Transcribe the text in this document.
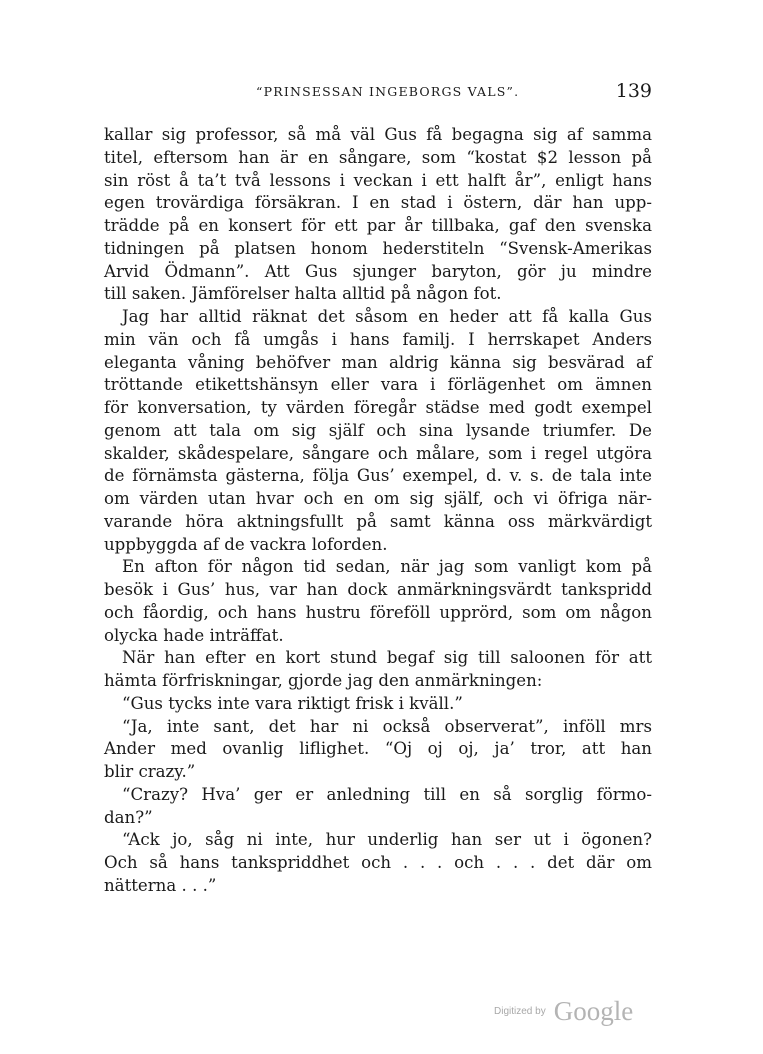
“PRINSESSAN INGEBORGS VALS”.	139
kallar sig professor, så må väl Gus få begagna sig af samma
titel, eftersom han är en sångare, som “kostat $2 lesson på
sin röst å ta’t två lessons i veckan i ett halft år”, enligt hans
egen trovärdiga försäkran. I en stad i östern, där han upp-
trädde på en konsert för ett par år tillbaka, gaf den svenska
tidningen på platsen honom hederstiteln “Svensk-Amerikas
Arvid Ödmann”. Att Gus sjunger baryton, gör ju mindre
till saken. Jämförelser halta alltid på någon fot.
Jag har alltid räknat det såsom en heder att få kalla Gus
min vän och få umgås i hans familj. I herrskapet Anders
eleganta våning behöfver man aldrig känna sig besvärad af
tröttande etikettshänsyn eller vara i förlägenhet om ämnen
för konversation, ty värden föregår städse med godt exempel
genom att tala om sig själf och sina lysande triumfer. De
skalder, skådespelare, sångare och målare, som i regel utgöra
de förnämsta gästerna, följa Gus’ exempel, d. v. s. de tala inte
om värden utan hvar och en om sig själf, och vi öfriga när-
varande höra aktningsfullt på samt känna oss märkvärdigt
uppbyggda af de vackra loforden.
En afton för någon tid sedan, när jag som vanligt kom på
besök i Gus’ hus, var han dock anmärkningsvärdt tankspridd
och fåordig, och hans hustru föreföll upprörd, som om någon
olycka hade inträffat.
När han efter en kort stund begaf sig till saloonen för att
hämta förfriskningar, gjorde jag den anmärkningen:
“Gus tycks inte vara riktigt frisk i kväll.”
“Ja, inte sant, det har ni också observerat”, inföll mrs
Ander med ovanlig liflighet. “Oj oj oj, ja’ tror, att han
blir crazy.”
“Crazy? Hva’ ger er anledning till en så sorglig förmo-
dan?”
“Ack jo, såg ni inte, hur underlig han ser ut i ögonen?
Och så hans tankspriddhet och . . . och . . . det där om
nätterna . . .”
Digitized by Google
